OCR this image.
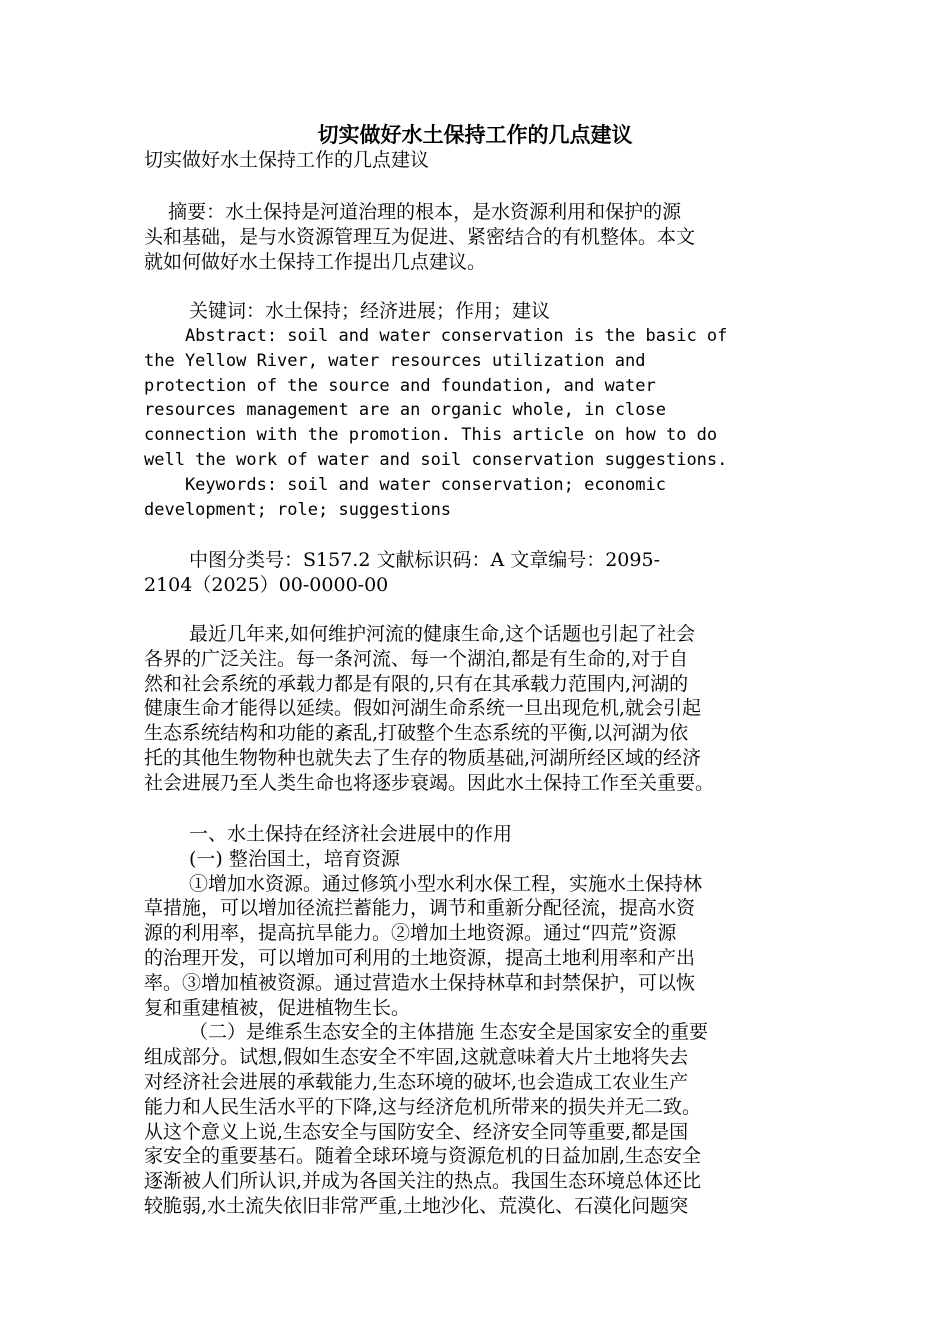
切实做好水土保持工作的几点建议
切实做好水土保持工作的几点建议
摘要：水土保持是河道治理的根本，是水资源利用和保护的源
头和基础，是与水资源管理互为促进、紧密结合的有机整体。本文
就如何做好水土保持工作提出几点建议。
关键词：水土保持；经济进展；作用；建议
Abstract: soil and water conservation is the basic of
the Yellow River, water resources utilization and
protection of the source and foundation, and water
resources management are an organic whole, in close
connection with the promotion. This article on how to do
well the work of water and soil conservation suggestions.
Keywords: soil and water conservation; economic
development; role; suggestions
中图分类号：S157.2 文献标识码：A 文章编号：2095-
2104（2025）00-0000-00
最近几年来,如何维护河流的健康生命,这个话题也引起了社会
各界的广泛关注。每一条河流、每一个湖泊,都是有生命的,对于自
然和社会系统的承载力都是有限的,只有在其承载力范围内,河湖的
健康生命才能得以延续。假如河湖生命系统一旦出现危机,就会引起
生态系统结构和功能的紊乱,打破整个生态系统的平衡,以河湖为依
托的其他生物物种也就失去了生存的物质基础,河湖所经区域的经济
社会进展乃至人类生命也将逐步衰竭。因此水土保持工作至关重要。
一、水土保持在经济社会进展中的作用
(一) 整治国土，培育资源
①增加水资源。通过修筑小型水利水保工程，实施水土保持林
草措施，可以增加径流拦蓄能力，调节和重新分配径流，提高水资
源的利用率，提高抗旱能力。②增加土地资源。通过“四荒”资源
的治理开发，可以增加可利用的土地资源，提高土地利用率和产出
率。③增加植被资源。通过营造水土保持林草和封禁保护，可以恢
复和重建植被，促进植物生长。
（二）是维系生态安全的主体措施 生态安全是国家安全的重要
组成部分。试想,假如生态安全不牢固,这就意味着大片土地将失去
对经济社会进展的承载能力,生态环境的破坏,也会造成工农业生产
能力和人民生活水平的下降,这与经济危机所带来的损失并无二致。
从这个意义上说,生态安全与国防安全、经济安全同等重要,都是国
家安全的重要基石。随着全球环境与资源危机的日益加剧,生态安全
逐渐被人们所认识,并成为各国关注的热点。我国生态环境总体还比
较脆弱,水土流失依旧非常严重,土地沙化、荒漠化、石漠化问题突
